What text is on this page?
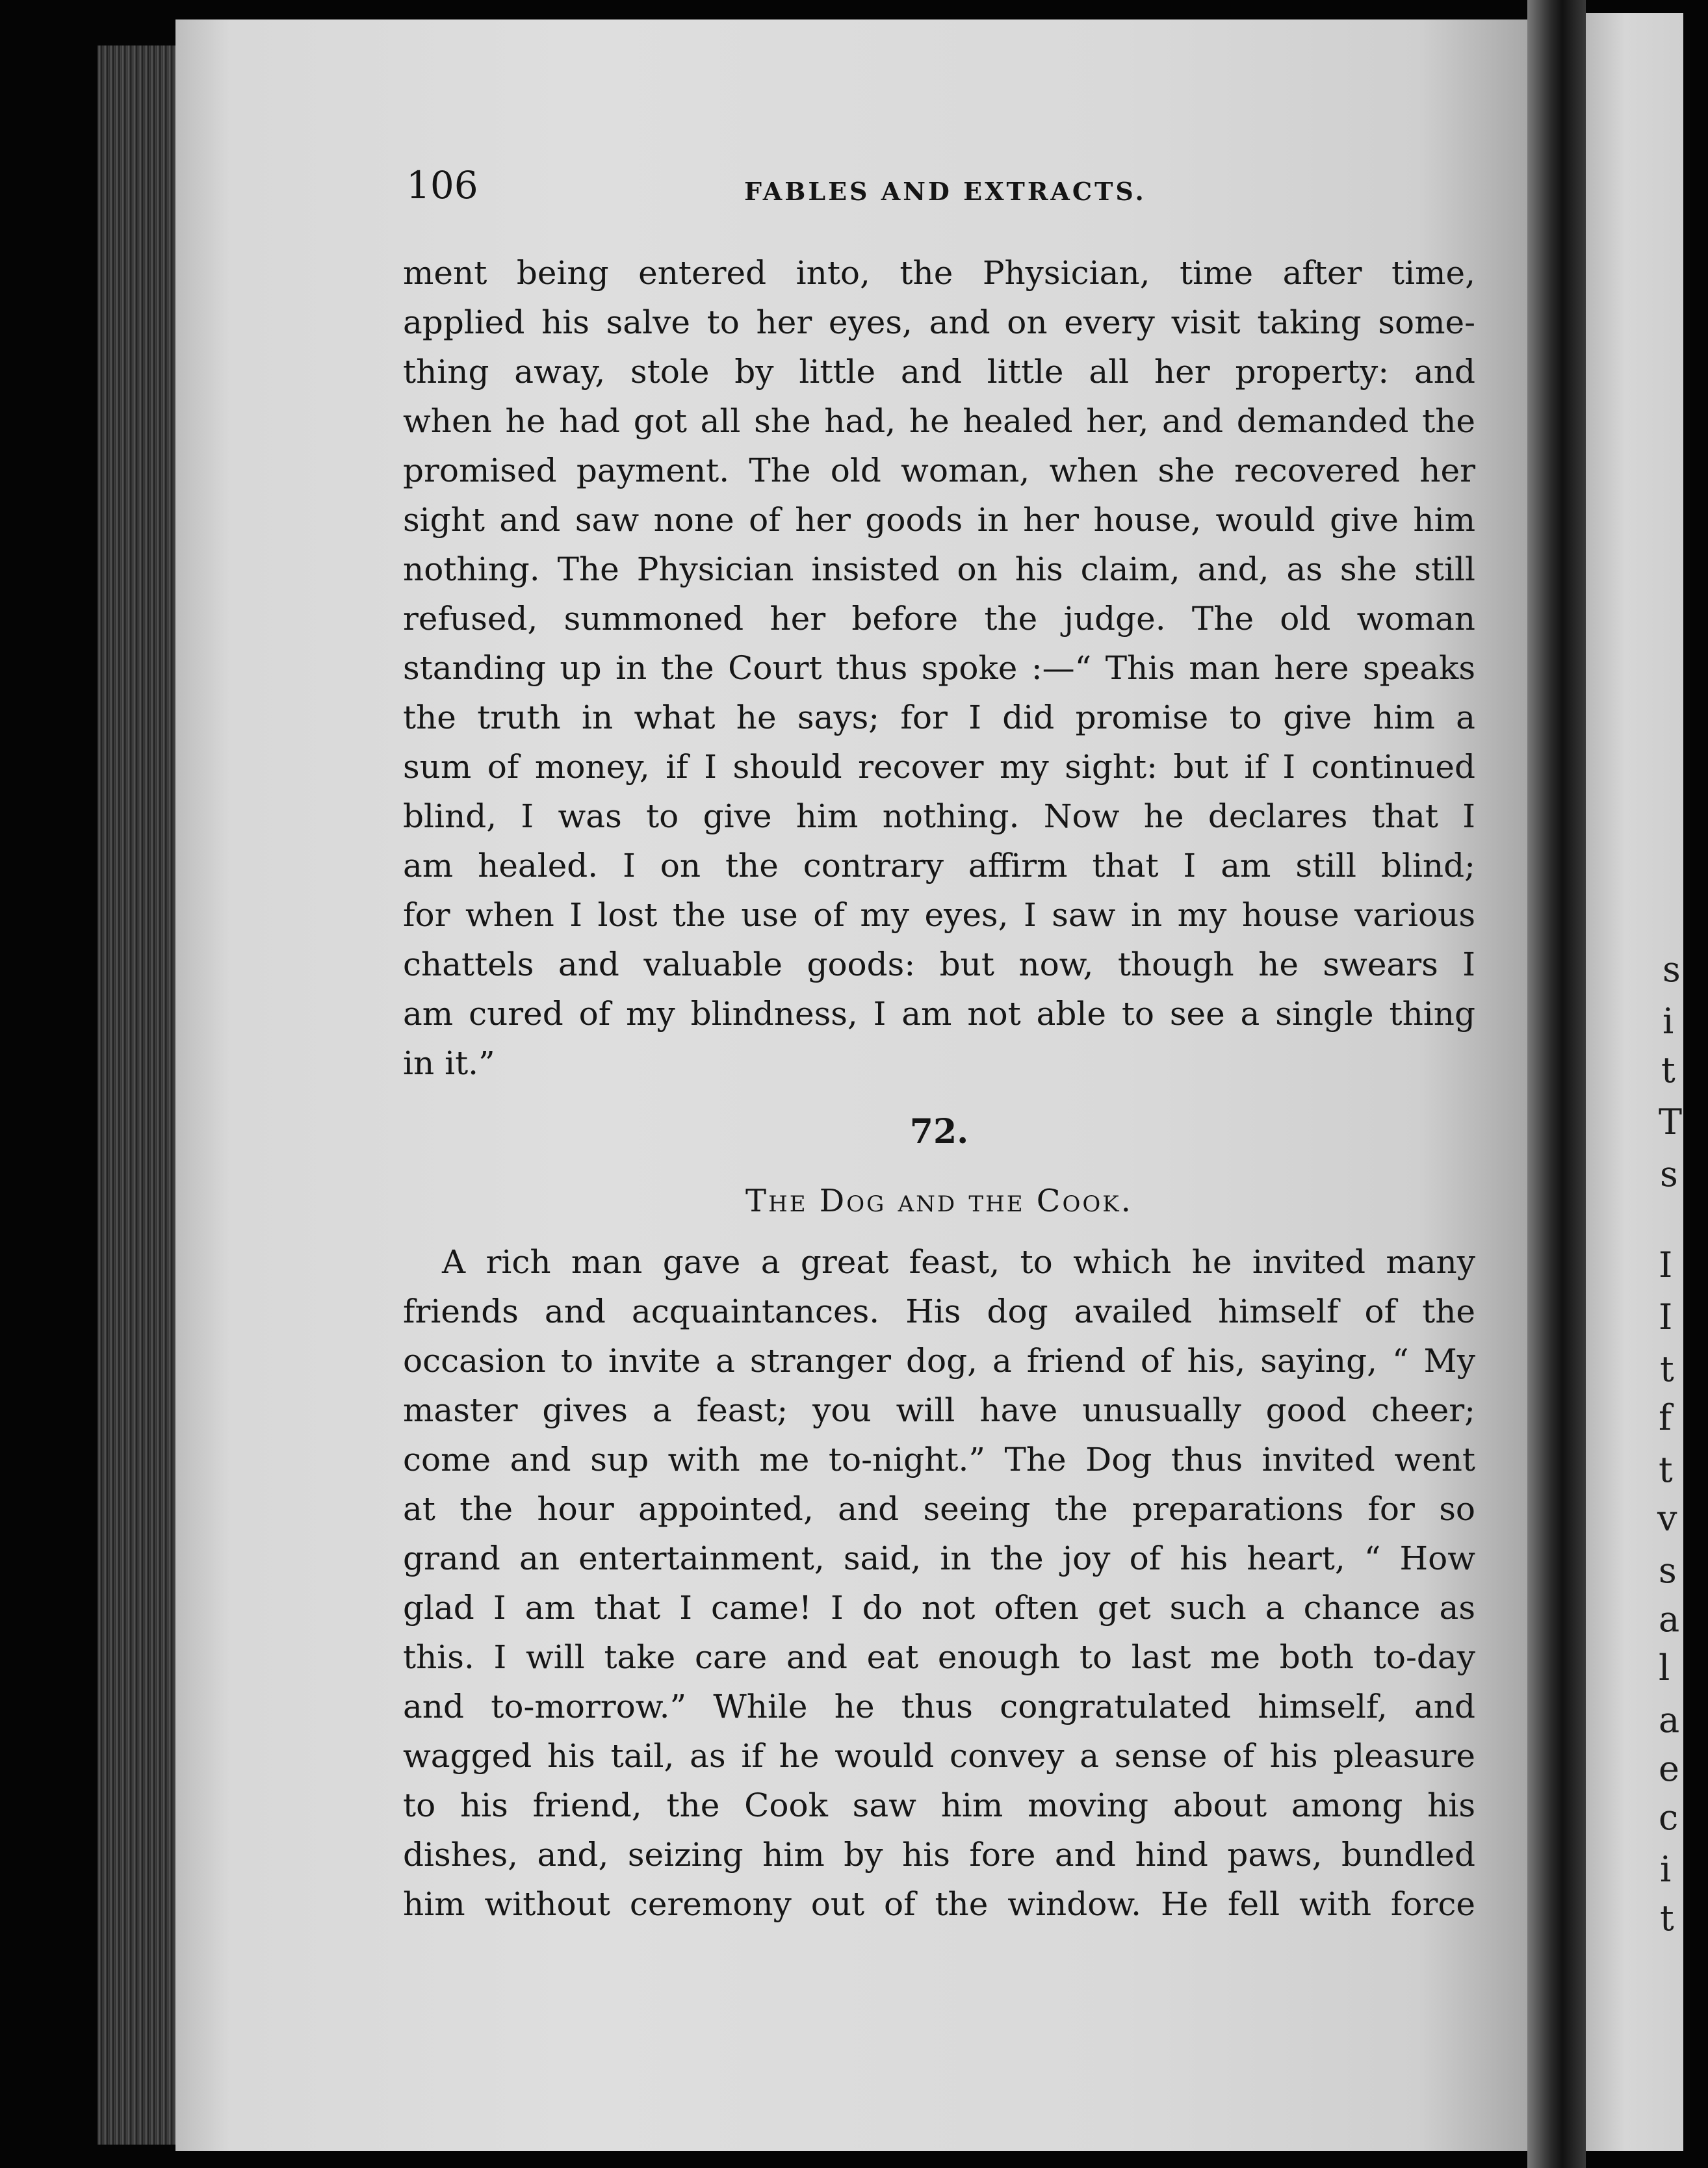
s
i
t
T
s
I
I
t
f
t
v
s
a
l
a
e
c
i
t
106	FABLES AND EXTRACTS.
ment being entered into, the Physician, time after time,
applied his salve to her eyes, and on every visit taking some-
thing away, stole by little and little all her property: and
when he had got all she had, he healed her, and demanded the
promised payment. The old woman, when she recovered her
sight and saw none of her goods in her house, would give him
nothing. The Physician insisted on his claim, and, as she still
refused, summoned her before the judge. The old woman
standing up in the Court thus spoke :—“ This man here speaks
the truth in what he says; for I did promise to give him a
sum of money, if I should recover my sight: but if I continued
blind, I was to give him nothing. Now he declares that I
am healed. I on the contrary affirm that I am still blind;
for when I lost the use of my eyes, I saw in my house various
chattels and valuable goods: but now, though he swears I
am cured of my blindness, I am not able to see a single thing
in it.”
72.
The Dog and the Cook.
A rich man gave a great feast, to which he invited many
friends and acquaintances. His dog availed himself of the
occasion to invite a stranger dog, a friend of his, saying, “ My
master gives a feast; you will have unusually good cheer;
come and sup with me to-night.” The Dog thus invited went
at the hour appointed, and seeing the preparations for so
grand an entertainment, said, in the joy of his heart, “ How
glad I am that I came! I do not often get such a chance as
this. I will take care and eat enough to last me both to-day
and to-morrow.” While he thus congratulated himself, and
wagged his tail, as if he would convey a sense of his pleasure
to his friend, the Cook saw him moving about among his
dishes, and, seizing him by his fore and hind paws, bundled
him without ceremony out of the window. He fell with force
